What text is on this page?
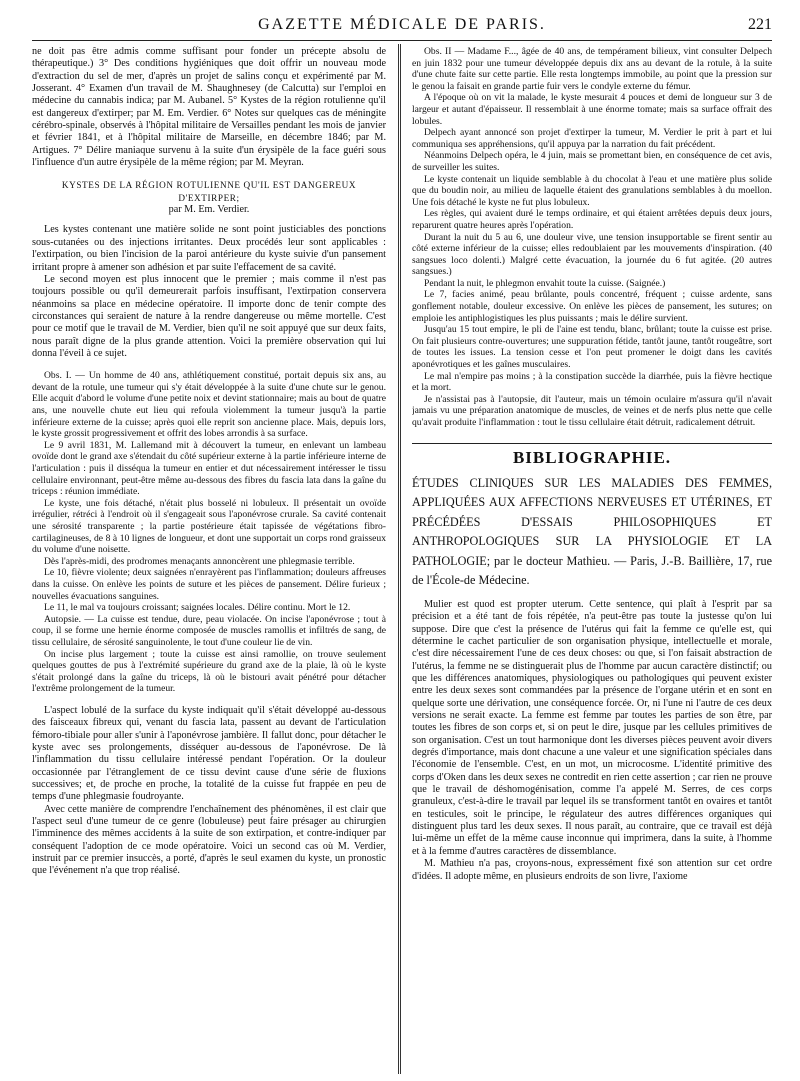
GAZETTE MÉDICALE DE PARIS.	221

ne doit pas être admis comme suffisant pour fonder un précepte absolu de thérapeutique.) 3° Des conditions hygiéniques que doit offrir un nouveau mode d'extraction du sel de mer, d'après un projet de salins conçu et expérimenté par M. Josserant. 4° Examen d'un travail de M. Shaughnesey (de Calcutta) sur l'emploi en médecine du cannabis indica; par M. Aubanel. 5° Kystes de la région rotulienne qu'il est dangereux d'extirper; par M. Em. Verdier. 6° Notes sur quelques cas de méningite cérébro-spinale, observés à l'hôpital militaire de Versailles pendant les mois de janvier et février 1841, et à l'hôpital militaire de Marseille, en décembre 1846; par M. Artigues. 7° Délire maniaque survenu à la suite d'un érysipèle de la face guéri sous l'influence d'un autre érysipèle de la même région; par M. Meyran.

KYSTES DE LA RÉGION ROTULIENNE QU'IL EST DANGEREUX D'EXTIRPER;
par M. Em. Verdier.

Les kystes contenant une matière solide ne sont point justiciables des ponctions sous-cutanées ou des injections irritantes. Deux procédés leur sont applicables : l'extirpation, ou bien l'incision de la paroi antérieure du kyste suivie d'un pansement irritant propre à amener son adhésion et par suite l'effacement de sa cavité.

Le second moyen est plus innocent que le premier ; mais comme il n'est pas toujours possible ou qu'il demeurerait parfois insuffisant, l'extirpation conservera néanmoins sa place en médecine opératoire. Il importe donc de tenir compte des circonstances qui seraient de nature à la rendre dangereuse ou même mortelle. C'est pour ce motif que le travail de M. Verdier, bien qu'il ne soit appuyé que sur deux faits, nous paraît digne de la plus grande attention. Voici la première observation qui lui donna l'éveil à ce sujet.

Obs. I. — Un homme de 40 ans, athlétiquement constitué, portait depuis six ans, au devant de la rotule, une tumeur qui s'y était développée à la suite d'une chute sur le genou. Elle acquit d'abord le volume d'une petite noix et devint stationnaire; mais au bout de quatre ans, une nouvelle chute eut lieu qui refoula violemment la tumeur jusqu'à la partie inférieure externe de la cuisse; après quoi elle reprit son ancienne place. Mais, depuis lors, le kyste grossit progressivement et offrit des lobes arrondis à sa surface.

Le 9 avril 1831, M. Lallemand mit à découvert la tumeur, en enlevant un lambeau ovoïde dont le grand axe s'étendait du côté supérieur externe à la partie inférieure interne de l'articulation : puis il disséqua la tumeur en entier et dut nécessairement intéresser le tissu cellulaire environnant, peut-être même au-dessous des fibres du fascia lata dans la gaîne du triceps : réunion immédiate.

Le kyste, une fois détaché, n'était plus bosselé ni lobuleux. Il présentait un ovoïde irrégulier, rétréci à l'endroit où il s'engageait sous l'aponévrose crurale. Sa cavité contenait une sérosité transparente ; la partie postérieure était tapissée de végétations fibro-cartilagineuses, de 8 à 10 lignes de longueur, et dont une supportait un corps rond graisseux du volume d'une noisette.

Dès l'après-midi, des prodromes menaçants annoncèrent une phlegmasie terrible.

Le 10, fièvre violente; deux saignées n'enrayèrent pas l'inflammation; douleurs affreuses dans la cuisse. On enlève les points de suture et les pièces de pansement. Délire furieux ; nouvelles évacuations sanguines.

Le 11, le mal va toujours croissant; saignées locales. Délire continu. Mort le 12.

Autopsie. — La cuisse est tendue, dure, peau violacée. On incise l'aponévrose ; tout à coup, il se forme une hernie énorme composée de muscles ramollis et infiltrés de sang, de tissu cellulaire, de sérosité sanguinolente, le tout d'une couleur lie de vin.

On incise plus largement ; toute la cuisse est ainsi ramollie, on trouve seulement quelques gouttes de pus à l'extrémité supérieure du grand axe de la plaie, là où le kyste s'était prolongé dans la gaîne du triceps, là où le bistouri avait pénétré pour détacher l'extrême prolongement de la tumeur.

L'aspect lobulé de la surface du kyste indiquait qu'il s'était développé au-dessous des faisceaux fibreux qui, venant du fascia lata, passent au devant de l'articulation fémoro-tibiale pour aller s'unir à l'aponévrose jambière. Il fallut donc, pour détacher le kyste avec ses prolongements, disséquer au-dessous de l'aponévrose. De là l'inflammation du tissu cellulaire intéressé pendant l'opération. Or la douleur occasionnée par l'étranglement de ce tissu devint cause d'une série de fluxions successives; et, de proche en proche, la totalité de la cuisse fut frappée en peu de temps d'une phlegmasie foudroyante.

Avec cette manière de comprendre l'enchaînement des phénomènes, il est clair que l'aspect seul d'une tumeur de ce genre (lobuleuse) peut faire présager au chirurgien l'imminence des mêmes accidents à la suite de son extirpation, et contre-indiquer par conséquent l'adoption de ce mode opératoire. Voici un second cas où M. Verdier, instruit par ce premier insuccès, a porté, d'après le seul examen du kyste, un pronostic que l'événement n'a que trop réalisé.

Obs. II — Madame F..., âgée de 40 ans, de tempérament bilieux, vint consulter Delpech en juin 1832 pour une tumeur développée depuis dix ans au devant de la rotule, à la suite d'une chute faite sur cette partie. Elle resta longtemps immobile, au point que la pression sur le genou la faisait en grande partie fuir vers le condyle externe du fémur.

A l'époque où on vit la malade, le kyste mesurait 4 pouces et demi de longueur sur 3 de largeur et autant d'épaisseur. Il ressemblait à une énorme tomate; mais sa surface offrait des lobules.

Delpech ayant annoncé son projet d'extirper la tumeur, M. Verdier le prit à part et lui communiqua ses appréhensions, qu'il appuya par la narration du fait précédent.

Néanmoins Delpech opéra, le 4 juin, mais se promettant bien, en conséquence de cet avis, de surveiller les suites.

Le kyste contenait un liquide semblable à du chocolat à l'eau et une matière plus solide que du boudin noir, au milieu de laquelle étaient des granulations semblables à du moellon. Une fois détaché le kyste ne fut plus lobuleux.

Les règles, qui avaient duré le temps ordinaire, et qui étaient arrêtées depuis deux jours, reparurent quatre heures après l'opération.

Durant la nuit du 5 au 6, une douleur vive, une tension insupportable se firent sentir au côté externe inférieur de la cuisse; elles redoublaient par les mouvements d'inspiration. (40 sangsues loco dolenti.) Malgré cette évacuation, la journée du 6 fut agitée. (20 autres sangsues.)

Pendant la nuit, le phlegmon envahit toute la cuisse. (Saignée.)

Le 7, facies animé, peau brûlante, pouls concentré, fréquent ; cuisse ardente, sans gonflement notable, douleur excessive. On enlève les pièces de pansement, les sutures; on emploie les antiphlogistiques les plus puissants ; mais le délire survient.

Jusqu'au 15 tout empire, le pli de l'aine est tendu, blanc, brûlant; toute la cuisse est prise. On fait plusieurs contre-ouvertures; une suppuration fétide, tantôt jaune, tantôt rougeâtre, sort de toutes les issues. La tension cesse et l'on peut promener le doigt dans les cavités aponévrotiques et les gaînes musculaires.

Le mal n'empire pas moins ; à la constipation succède la diarrhée, puis la fièvre hectique et la mort.

Je n'assistai pas à l'autopsie, dit l'auteur, mais un témoin oculaire m'assura qu'il n'avait jamais vu une préparation anatomique de muscles, de veines et de nerfs plus nette que celle qu'avait produite l'inflammation : tout le tissu cellulaire était détruit, radicalement détruit.

BIBLIOGRAPHIE.
ÉTUDES CLINIQUES SUR LES MALADIES DES FEMMES, APPLIQUÉES AUX AFFECTIONS NERVEUSES ET UTÉRINES, ET PRÉCÉDÉES D'ESSAIS PHILOSOPHIQUES ET ANTHROPOLOGIQUES SUR LA PHYSIOLOGIE ET LA PATHOLOGIE; par le docteur Mathieu. — Paris, J.-B. Baillière, 17, rue de l'École-de Médecine.

Mulier est quod est propter uterum. Cette sentence, qui plaît à l'esprit par sa précision et a été tant de fois répétée, n'a peut-être pas toute la justesse qu'on lui suppose. Dire que c'est la présence de l'utérus qui fait la femme ce qu'elle est, qui détermine le cachet particulier de son organisation physique, intellectuelle et morale, c'est dire nécessairement l'une de ces deux choses: ou que, si l'on faisait abstraction de l'utérus, la femme ne se distinguerait plus de l'homme par aucun caractère distinctif; ou que les différences anatomiques, physiologiques ou pathologiques qui peuvent exister entre les deux sexes sont commandées par la présence de l'organe utérin et en sont en quelque sorte une dérivation, une conséquence forcée. Or, ni l'une ni l'autre de ces deux versions ne serait exacte. La femme est femme par toutes les parties de son être, par toutes les fibres de son corps et, si on peut le dire, jusque par les cellules primitives de son organisation. C'est un tout harmonique dont les diverses pièces peuvent avoir divers degrés d'importance, mais dont chacune a une valeur et une signification spéciales dans l'économie de l'ensemble. C'est, en un mot, un microcosme. L'identité primitive des corps d'Oken dans les deux sexes ne contredit en rien cette assertion ; car rien ne prouve que le travail de déshomogénisation, comme l'a appelé M. Serres, de ces corps granuleux, c'est-à-dire le travail par lequel ils se transforment tantôt en ovaires et tantôt en testicules, soit le principe, le régulateur des autres différences organiques qui distinguent plus tard les deux sexes. Il nous paraît, au contraire, que ce travail est déjà lui-même un effet de la même cause inconnue qui imprimera, dans la suite, à l'homme et à la femme d'autres caractères de dissemblance.

M. Mathieu n'a pas, croyons-nous, expressément fixé son attention sur cet ordre d'idées. Il adopte même, en plusieurs endroits de son livre, l'axiome
